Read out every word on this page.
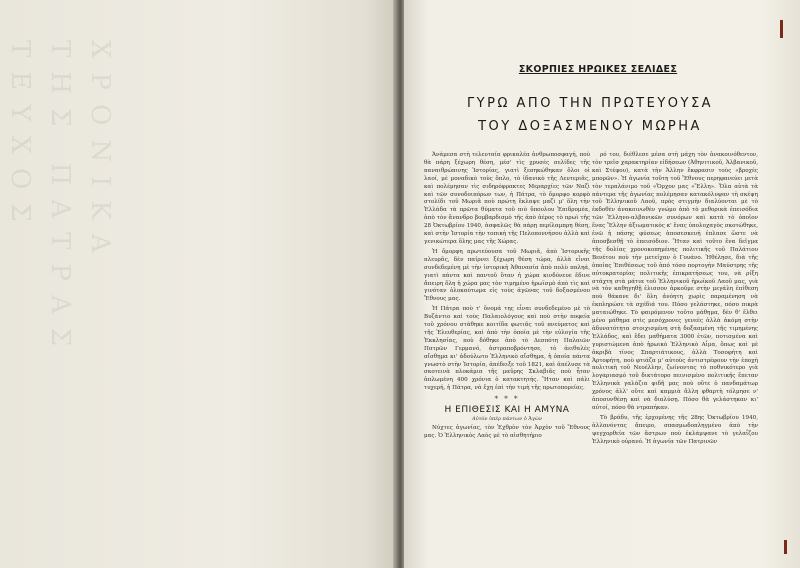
ΧΡΟΝΙΚΑ
ΤΗΣ ΠΑΤΡΑΣ
ΤΕΥΧΟΣ	ΣΚΟΡΠΙΕΣ ΗΡΩΙΚΕΣ ΣΕΛΙΔΕΣ
ΓΥΡΩ ΑΠΟ ΤΗΝ ΠΡΩΤΕΥΟΥΣΑ
ΤΟΥ ΔΟΞΑΣΜΕΝΟΥ ΜΩΡΗΑ

Ἀνάμεσα στὴ τελευταία φρικαλέα ἀνθρωποσφαγή, ποὺ θὰ πάρη ξέχωρη θέση, μέσ' τὶς χρυσὲς σελίδες τῆς παναιθρώπινης Ἱστορίας, γιατὶ ξεσηκώθηκαν ὅλοι οἱ λαοί, μὲ μοναδικὸ τοὺς ὅπλο, τὸ ἰδανικὸ τῆς Λευτεριᾶς, καὶ πολέμησαν τὶς σιδηρόφρακτες Μεραρχίες τῶν Ναζὶ καὶ τῶν συνοδοιπόρων των, ἡ Πάτρα, τὸ ὄμορφο κορφὸ στολίδι τοῦ Μωριᾶ ποὺ πρώτη ἔκλαψε μαζὶ μ' ὅλη τὴν Ἑλλάδα τὰ πρῶτα θύματα τοῦ πιὸ ὕπουλου Ἐπιδρομέα, ἀπὸ τὸν ἄνανδρο βομβαρδισμὸ τῆς ἀπὸ ἀέρος τὸ πρωὶ τῆς 28 Ὀκτωβρίου 1940, ἀσφαλῶς θὰ πάρῃ περίλαμπρη θέση, καὶ στὴν Ἱστορία τὴν τοπικὴ τῆς Πελοποννήσου ἀλλὰ καὶ γενικώτερα ὅλης μας τῆς Χώρας.

Ἡ ὄμορφη πρωτεύουσα τοῦ Μωριᾶ, ἀπὸ Ἱστορικῆς πλευρᾶς, δὲν παίρνει ξέχωρη θέση τώρα, ἀλλὰ εἶναι συνδεδεμένη μὲ τὴν ἱστορικὴ Ἀθανασία ἀπὸ πολὺ παληά, γιατὶ πάντα καὶ παντοῦ ὅταν ἡ χώρα κινδύνευε ἔδινε ἄπειρη ὅλη ἡ χώρα μας τὸν τιμημένο ἡρωϊσμὸ ἀπὸ τὶς καὶ γινόταν ὁλοκαύτωμα εἰς τοὺς ἀγῶνας τοῦ δοξασμένου Ἔθνους μας.

Ἡ Πάτρα ποὺ τ' ὄνομά της εἶναι συνδεδεμένο μὲ τὸ Βυζάντιο καὶ τοὺς Παλαιολόγους καὶ ποὺ στὴν ποφεία τοῦ χρόνου στάθηκε κοιτίδα φωτιᾶς τοῦ πνεύματος καὶ τῆς Ἐλευθερίας, καὶ ἀπὸ τὴν ὁποία μὲ τὴν εὐλογία τῆς Ἐκκλησίας, ποὺ δόθηκε ἀπὸ τὸ Δεσπότη Παλαιῶν Πατρῶν Γερμανό, ἀστραποβρόντησε, τὸ ἀειθαλὲς αἴσθημα κι' ἀδούλωτο Ἑλληνικὸ αἴσθημα, ἡ ὁποία πάντα γνωστὸ στὴν Ἱστορία, ἀπέδειξε τοῦ 1821, καὶ ἀπέλυσε τὰ σκοτεινὰ πλοκάμια τῆς μαῦρης Σκλαβιᾶς ποὺ ἦταν ἀπλωμένη 400 χρόνια ὁ κατακτητής. Ἤταν καὶ πάλι τυχερή, ἡ Πάτρα, νὰ ἔχη ἐπὶ τὴν τιμὴ τῆς πρωτοπορείας.

* * *
Η ΕΠΙΘΕΣΙΣ ΚΑΙ Η ΑΜΥΝΑ
Αὐτὸν ὑπὲρ πάντων ὁ Ἀγὼν

Νύχτες ἀγωνίας, τὸν Ἐχθρὸν τὸν Ἀρχὸν τοῦ Ἔθνους μας. Ὁ Ἑλληνικὸς Λαὸς μὲ τὸ αἰσθητήριο

ρό του, διέθλεσε μέσα στὴ μάχη τὸν ἀνακοινόθεντον, τὸν τρεῖσ χαρακτηρίαν εἰδήσεων (Ἀθηνιτικοῦ, Ἀλβανικοῦ, καὶ Στέφου), κατὰ τὴν Ἀλλην ἔκφρασιν τοὺς «βροχές μπορῶν». Ἡ ἀγωνία τοῦτη τοῦ Ἔθνους περηφανεύει μετὰ τὸν τερπλάνιμο τοῦ «Ὄρχον μας «Ἔλλη». Ὅλα αὐτὰ τὰ πάντερα τῆς ἀγωνίας πολέμησαν κατακόλυψαν τὴ σκέψη τοῦ Ἑλληνικοῦ Λαοῦ, πρὸς στιγμὴν διαλύονται μὲ τὸ ἐκδοθὲν ἀνακοινωθὲν γνώμο ἀπὸ τὸ μεθορικὰ ἐπεισόδια τῶν Ἑλληνο-αλβανικῶν συνόρων καὶ κατὰ τὸ ὁποῖον ἕνας Ἕλλην ἀξιωματικὸς κ' ἕνας ὑπολοχαγὸς σκοτώθηκε, ἐνῶ ἡ πάσης φύσεως ἀποσεσκευή ἐπλασε ὥστε νὰ ἀποσβεσθῇ τὸ ἐπεισόδιον. Ἤταν καὶ τοῦτο ἕνα δεῖγμα τῆς δολίας χρονοκοπημένης πολιτικῆς τοῦ Παλάτιου Βενέτου ποὺ τὴν μετείχαν ὁ Γουάνο. Ἡθέλησε, διὰ τῆς ὁποίας Ἐπιθέσεως τοῦ ἀπό τόσο πορτογὴν Μαύστρης τῆς αὐτοκρατορίας πολιτικῆς ἐπικρατήσεως του, νὰ ρίξη στάχτη στὰ μάτια τοῦ Ἑλληνικοῦ ἡρωϊκοῦ Λαοῦ μας, γιὰ νὰ τὸν καθηγηθῇ ἐλισσον ἀρκοῦμε στὴν μεγάλη ἐπίθεση ποὺ θάκανε δι' ὅλη ἀνόητη χωρὶς παραμένηση νὰ ἐκπληρώσε τὰ σχέδιά του. Πόσο γελάστηκε, πόσο πικρὰ ματαιώθηκε. Τὸ φαιρόμενον τοῦτο μάθημα, δὲν θ' ἔλθει μένο μάθημα στὶς μεσόχρονες γενεὲς ἀλλὰ ἀκόμη στὴν ἀδυνατότητα στοιχισμένη στὴ δοξασμένη τῆς τιμημένης Ἑλλάδος, καὶ ἔδει μαθήματα 3000 ἐτῶν, ποτισμένα καὶ γυριστώμενα ἀπὸ ἡρωικὸ Ἑλληνικὸ Αἷμα, ὅπως καὶ μὲ ἀκριβὰ τίνος Σπαρτιάτικους, ἀλλὰ Τοσοφήτη καὶ Ἀρτοφήτη, ποὺ φτιάζα μ' αὐτοὺς ἀντιστρέφουν τὴν ἐποχὴ πολιτικὴ τοῦ Νεοέλλην, ζωίνοντας τὸ ποθνικότερο γιὰ λογαριασμό τοῦ δικτάτορο πεινισμένο πολιτικῆς ἔπεταν Ἑλληνικὰ γαλάζια φιδῆ μας ποὺ οὔτε ὁ πανδαμάτωρ χρόνος ἀλλ' οὔτε καὶ καμμιὰ ἄλλη φθαρτὴ τόλμησε ν' ἀποσυνθέσῃ καὶ νὰ διαλύσῃ. Πόσο θὰ γελάστηκαν κι' αὐτοί, πόσο θὰ ντραπήκαν.

Τὸ βράδυ, τῆς ἐρχομένης τῆς 28ης Ὀκτωβρίου 1940, ἀλλανόντας ἄπειρο, σπασμωδοπληγμένο ἀπὸ τὴν ψεγχορθεία τῶν ἄστρων ποὺ ἐκλάμψανε τὸ γελαΐζου Ἑλληνικὸ οὐρανό. Ἡ ἀγωνία τῶν Πατρινῶν
